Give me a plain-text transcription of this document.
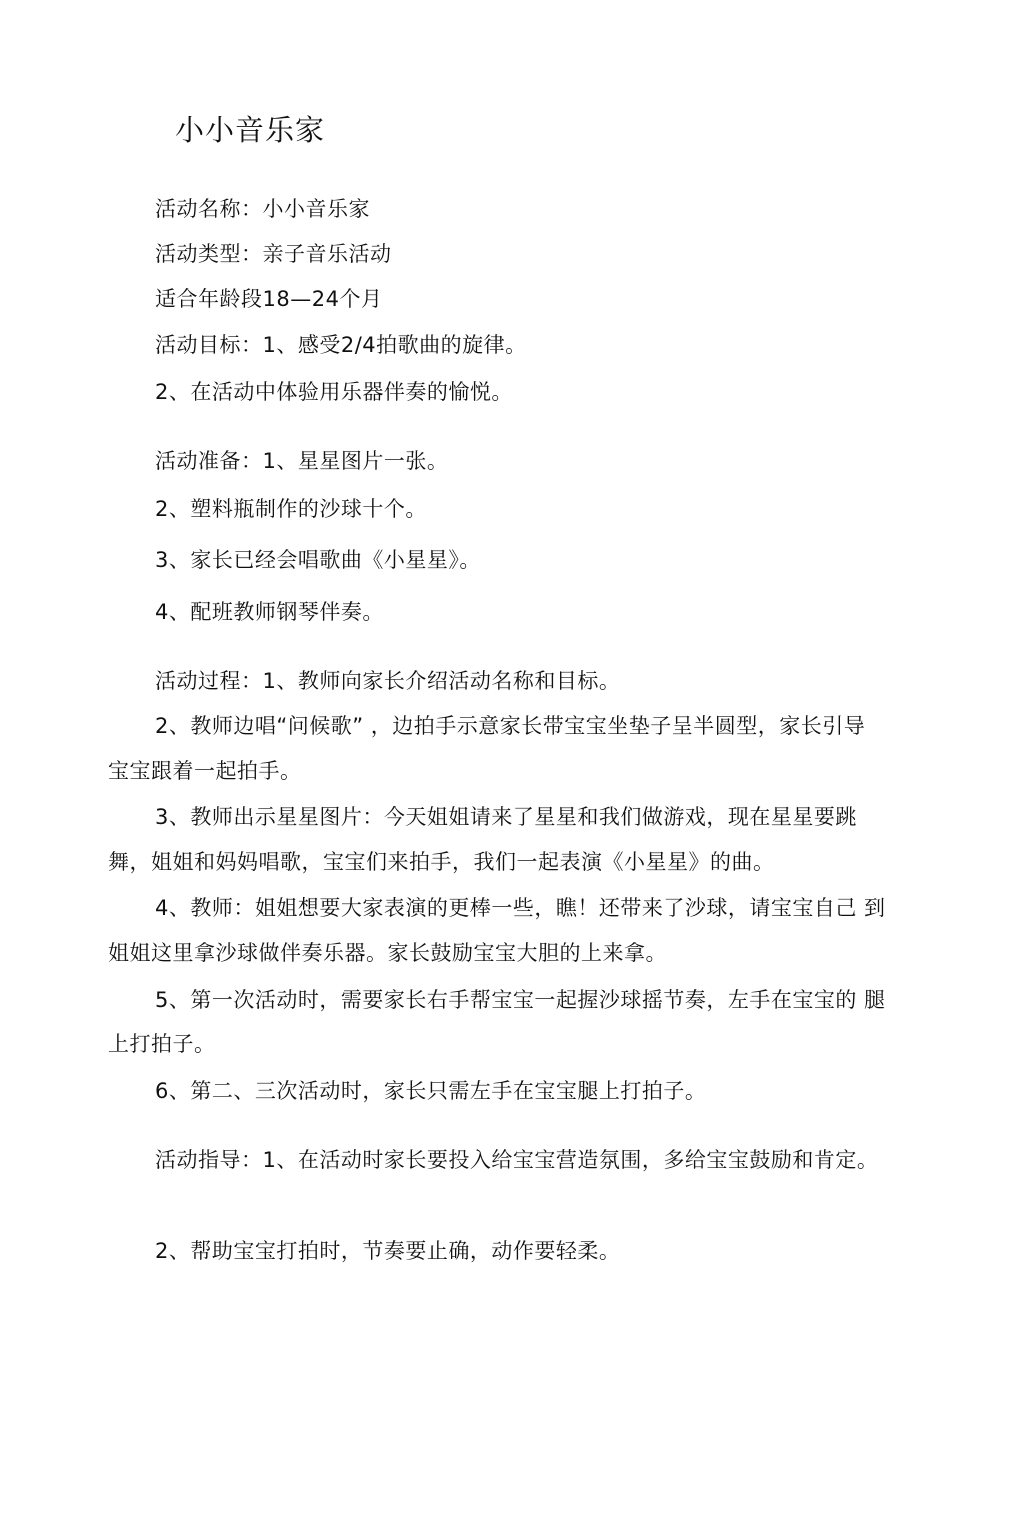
小小音乐家
活动名称：小小音乐家
活动类型：亲子音乐活动
适合年龄段18—24个月
活动目标：1、感受2/4拍歌曲的旋律。
2、在活动中体验用乐器伴奏的愉悦。
活动准备：1、星星图片一张。
2、塑料瓶制作的沙球十个。
3、家长已经会唱歌曲《小星星》。
4、配班教师钢琴伴奏。
活动过程：1、教师向家长介绍活动名称和目标。
2、教师边唱“问候歌” ，边拍手示意家长带宝宝坐垫子呈半圆型，家长引导
宝宝跟着一起拍手。
3、教师出示星星图片：今天姐姐请来了星星和我们做游戏，现在星星要跳
舞，姐姐和妈妈唱歌，宝宝们来拍手，我们一起表演《小星星》的曲。
4、教师：姐姐想要大家表演的更棒一些，瞧！还带来了沙球，请宝宝自己 到
姐姐这里拿沙球做伴奏乐器。家长鼓励宝宝大胆的上来拿。
5、第一次活动时，需要家长右手帮宝宝一起握沙球摇节奏，左手在宝宝的 腿
上打拍子。
6、第二、三次活动时，家长只需左手在宝宝腿上打拍子。
活动指导：1、在活动时家长要投入给宝宝营造氛围，多给宝宝鼓励和肯定。
2、帮助宝宝打拍时，节奏要止确，动作要轻柔。
